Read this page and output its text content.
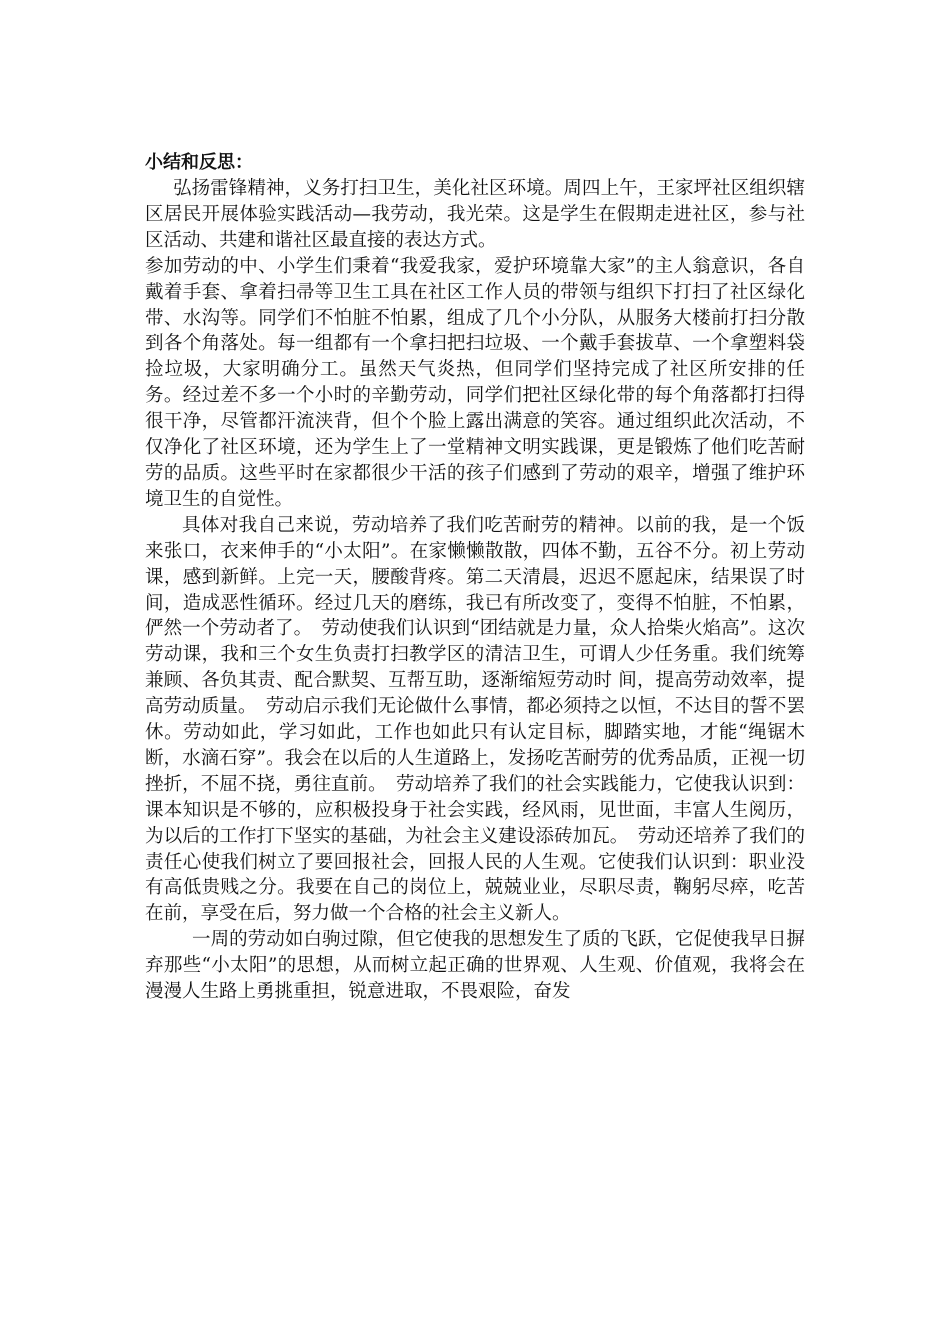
小结和反思：

弘扬雷锋精神，义务打扫卫生，美化社区环境。周四上午，王家坪社区组织辖区居民开展体验实践活动—我劳动，我光荣。这是学生在假期走进社区，参与社区活动、共建和谐社区最直接的表达方式。

参加劳动的中、小学生们秉着“我爱我家，爱护环境靠大家”的主人翁意识，各自戴着手套、拿着扫帚等卫生工具在社区工作人员的带领与组织下打扫了社区绿化带、水沟等。同学们不怕脏不怕累，组成了几个小分队，从服务大楼前打扫分散到各个角落处。每一组都有一个拿扫把扫垃圾、一个戴手套拔草、一个拿塑料袋捡垃圾，大家明确分工。虽然天气炎热，但同学们坚持完成了社区所安排的任务。经过差不多一个小时的辛勤劳动，同学们把社区绿化带的每个角落都打扫得很干净，尽管都汗流浃背，但个个脸上露出满意的笑容。通过组织此次活动，不仅净化了社区环境，还为学生上了一堂精神文明实践课，更是锻炼了他们吃苦耐劳的品质。这些平时在家都很少干活的孩子们感到了劳动的艰辛，增强了维护环境卫生的自觉性。

具体对我自己来说，劳动培养了我们吃苦耐劳的精神。以前的我，是一个饭来张口，衣来伸手的“小太阳”。在家懒懒散散，四体不勤，五谷不分。初上劳动课，感到新鲜。上完一天，腰酸背疼。第二天清晨，迟迟不愿起床，结果误了时间，造成恶性循环。经过几天的磨练，我已有所改变了，变得不怕脏，不怕累，俨然一个劳动者了。　劳动使我们认识到“团结就是力量，众人拾柴火焰高”。这次劳动课，我和三个女生负责打扫教学区的清洁卫生，可谓人少任务重。我们统筹兼顾、各负其责、配合默契、互帮互助，逐渐缩短劳动时 间，提高劳动效率，提高劳动质量。　劳动启示我们无论做什么事情，都必须持之以恒，不达目的誓不罢休。劳动如此，学习如此，工作也如此只有认定目标，脚踏实地，才能“绳锯木断，水滴石穿”。我会在以后的人生道路上，发扬吃苦耐劳的优秀品质，正视一切挫折，不屈不挠，勇往直前。　劳动培养了我们的社会实践能力，它使我认识到：课本知识是不够的，应积极投身于社会实践，经风雨，见世面，丰富人生阅历，为以后的工作打下坚实的基础，为社会主义建设添砖加瓦。　劳动还培养了我们的责任心使我们树立了要回报社会，回报人民的人生观。它使我们认识到：职业没有高低贵贱之分。我要在自己的岗位上，兢兢业业，尽职尽责，鞠躬尽瘁，吃苦在前，享受在后，努力做一个合格的社会主义新人。

一周的劳动如白驹过隙，但它使我的思想发生了质的飞跃，它促使我早日摒弃那些“小太阳”的思想，从而树立起正确的世界观、人生观、价值观，我将会在漫漫人生路上勇挑重担，锐意进取，不畏艰险，奋发
